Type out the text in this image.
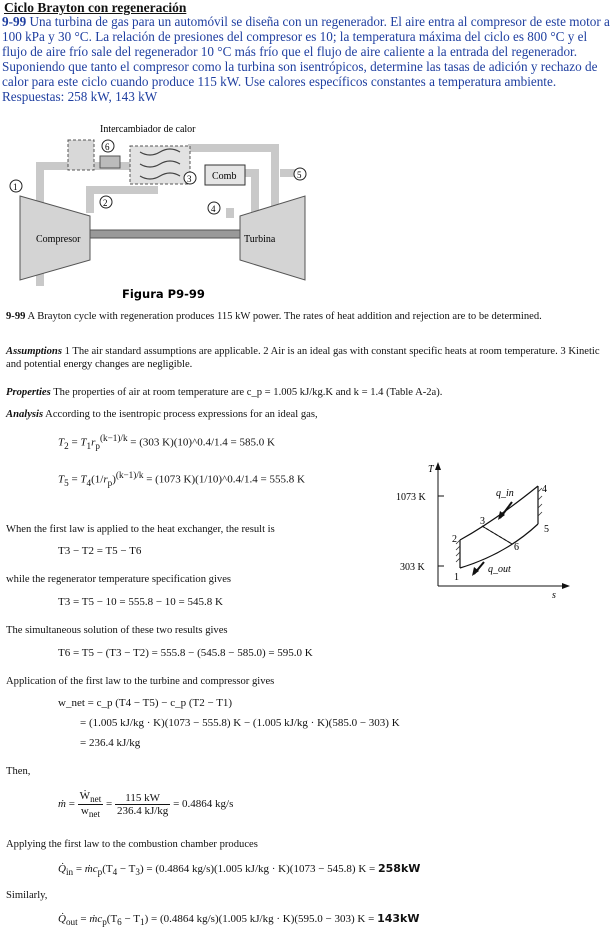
Ciclo Brayton con regeneración
9-99 Una turbina de gas para un automóvil se diseña con un regenerador. El aire entra al compresor de este motor a 100 kPa y 30 °C. La relación de presiones del compresor es 10; la temperatura máxima del ciclo es 800 °C y el flujo de aire frío sale del regenerador 10 °C más frío que el flujo de aire caliente a la entrada del regenerador. Suponiendo que tanto el compresor como la turbina son isentrópicos, determine las tasas de adición y rechazo de calor para este ciclo cuando produce 115 kW. Use calores específicos constantes a temperatura ambiente. Respuestas: 258 kW, 143 kW
Intercambiador de calor
6
Comb
Compresor	Turbina
1
2
3
4
5
Figura P9-99
9-99 A Brayton cycle with regeneration produces 115 kW power. The rates of heat addition and rejection are to be determined.
Assumptions 1 The air standard assumptions are applicable. 2 Air is an ideal gas with constant specific heats at room temperature. 3 Kinetic and potential energy changes are negligible.
Properties The properties of air at room temperature are c_p = 1.005 kJ/kg.K and k = 1.4 (Table A-2a).
Analysis According to the isentropic process expressions for an ideal gas,
$T_2 = T_1r_p^{(k-1)/k} = (303$ K)(10)^0.4/1.4 = 585.0 K
$T_5 = T_4(1/r_p)^{(k-1)/k} = (1073$ K)(1/10)^0.4/1.4 = 555.8 K
When the first law is applied to the heat exchanger, the result is
T3 − T2 = T5 − T6
while the regenerator temperature specification gives
T3 = T5 − 10 = 555.8 − 10 = 545.8 K
The simultaneous solution of these two results gives
T6 = T5 − (T3 − T2) = 555.8 − (545.8 − 585.0) = 595.0 K
Application of the first law to the turbine and compressor gives
w_net = c_p (T4 − T5) − c_p (T2 − T1)
= (1.005 kJ/kg · K)(1073 − 555.8) K − (1.005 kJ/kg · K)(585.0 − 303) K
= 236.4 kJ/kg
Then,
ṁ = $\frac{Ẇ_{net}}{w_{net}} = \frac{115 kW}{236.4 kJ/kg} = 0.4864$ kg/s
Applying the first law to the combustion chamber produces
$Q̇_{in}$ = $ṁc_p(T_4 - T_3) = (0.4864$ kg/s)(1.005 kJ/kg · K)(1073 − 545.8) K = 258kW
Similarly,
$Q̇_{out}$ = $ṁc_p(T_6 - T_1) = (0.4864$ kg/s)(1.005 kJ/kg · K)(595.0 − 303) K = 143kW
T
s
1073 K
303 K
q_in
q_out
1
2
3
4
5
6
